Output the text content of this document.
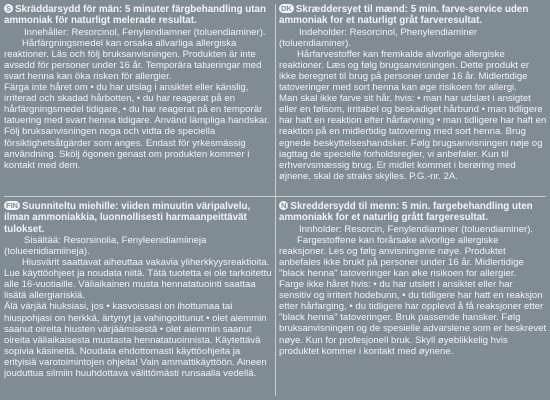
S Skräddarsydd för män: 5 minuter färgbehandling utan ammoniak för naturligt melerade resultat.

Innehåller: Resorcinol, Fenylendiamner (toluendiaminer).

Hårfärgningsmedel kan orsaka allvarliga allergiska reaktioner. Läs och följ bruksanvisningen. Produkten är inte avsedd för personer under 16 år. Temporära tatueringar med svart henna kan öka risken för allergier.

Färga inte håret om • du har utslag i ansiktet eller känslig, irriterad och skadad hårbotten, • du har reagerat på en hårfärgningsmedel tidigare, • du har reagerat på en temporär tatuering med svart henna tidigare. Använd lämpliga handskar. Följ bruksanvisningen noga och vidta de speciella försiktighetsåtgärder som anges. Endast för yrkesmässig användning. Skölj ögonen genast om produkten kommer i kontakt med dem.

DK Skræddersyet til mænd: 5 min. farve-service uden ammoniak for et naturligt gråt farveresultat.

Indeholder: Resorcinol, Phenylendiaminer (toluendiaminer).

Hårfarvestoffer kan fremkalde alvorlige allergiske reaktioner. Læs og følg brugsanvisningen. Dette produkt er ikke beregnet til brug på personer under 16 år. Midlertidige tatoveringer med sort henna kan øge risikoen for allergi.

Man skal ikke farve sit hår, hvis: • man har udslæt i ansigtet eller en følsom, irritabel og beskadiget hårbund • man tidligere har haft en reaktion efter hårfarvning • man tidligere har haft en reaktion på en midlertidig tatovering med sort henna. Brug egnede beskyttelseshandsker. Følg brugsanvisningen nøje og iagttag de specielle forholdsregler, vi anbefaler. Kun til erhvervsmæssig brug. Er midlet kommet i berøring med øjnene, skal de straks skylles. P.G.-nr. 2A.

FIN Suunniteltu miehille: viiden minuutin väripalvelu, ilman ammoniakkia, luonnollisesti harmaanpeittävät tulokset.

Sisältää: Resorsinolia, Fenyleenidiamiineja (tolueenidiamiineja).

Hiusvärit saattavat aiheuttaa vakavia yliherkkyysreaktioita. Lue käyttöohjeet ja noudata niitä. Tätä tuotetta ei ole tarkoitettu alle 16-vuotiaille. Väliaikainen musta hennatatuointi saattaa lisätä allergiariskiä.

Älä värjää hiuksiasi, jos • kasvoissasi on ihottumaa tai hiuspohjasi on herkkä, ärtynyt ja vahingoittunut • olet aiemmin saanut oireita hiusten värjäämisestä • olet aiemmin saanut oireita väliaikaisesta mustasta hennatatuoinnista. Käytettävä sopivia käsineitä. Noudata ehdottomasti käyttöohjeita ja erityisiä varotoimintojen ohjeita! Vain ammattikäyttöön. Aineen jouduttua silmiin huuhdottava välittömästi runsaalla vedellä.

N Skreddersydd til menn: 5 min. fargebehandling uten ammoniakk for et naturlig grått fargeresultat.

Innholder: Resorcin, Fenylendiaminer (toluendiaminer).

Fargestoffene kan forårsake alvorlige allergiske reaksjoner. Les og følg anvisningene nøye. Produktet anbefales ikke brukt på personer under 16 år. Midlertidige "black henna" tatoveringer kan øke risikoen for allergier.

Farge ikke håret hvis: • du har utslett i ansiktet eller har sensitiv og irritert hodebunn, • du tidligere har hatt en reaksjon etter hårfarging, • du tidligere har opplevd å få reaksjoner etter "black henna" tatoveringer. Bruk passende hansker. Følg bruksanvisningen og de spesielle advarslene som er beskrevet nøye. Kun for profesjonell bruk. Skyll øyeblikkelig hvis produktet kommer i kontakt med øynene.
